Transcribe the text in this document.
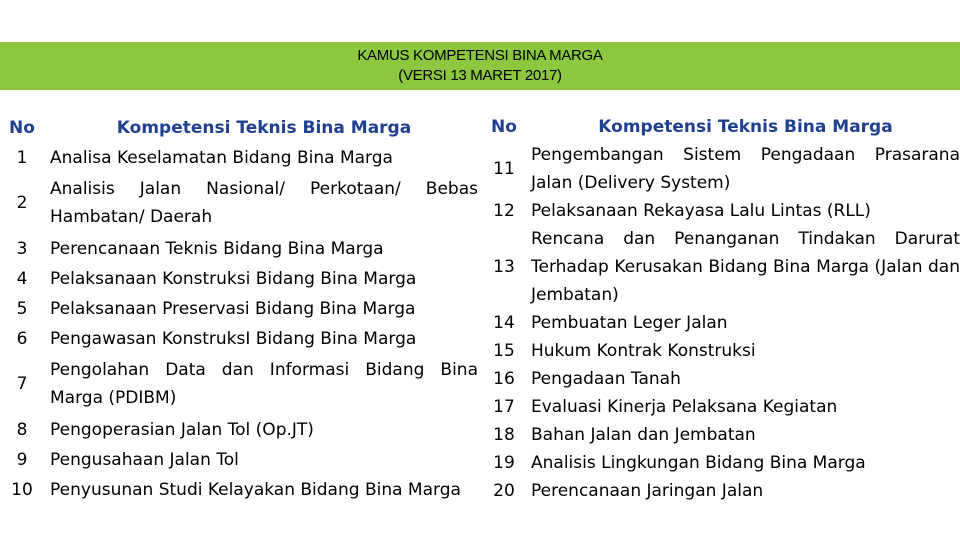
KAMUS KOMPETENSI BINA MARGA
(VERSI 13 MARET 2017)
No	Kompetensi Teknis Bina Marga
1	Analisa Keselamatan Bidang Bina Marga
2	Analisis Jalan Nasional/ Perkotaan/ Bebas Hambatan/ Daerah
3	Perencanaan Teknis Bidang Bina Marga
4	Pelaksanaan Konstruksi Bidang Bina Marga
5	Pelaksanaan Preservasi Bidang Bina Marga
6	Pengawasan KonstruksI Bidang Bina Marga
7	Pengolahan Data dan Informasi Bidang Bina Marga (PDIBM)
8	Pengoperasian Jalan Tol (Op.JT)
9	Pengusahaan Jalan Tol
10	Penyusunan Studi Kelayakan Bidang Bina Marga
No	Kompetensi Teknis Bina Marga
11	Pengembangan Sistem Pengadaan Prasarana Jalan (Delivery System)
12	Pelaksanaan Rekayasa Lalu Lintas (RLL)
13	Rencana dan Penanganan Tindakan Darurat Terhadap Kerusakan Bidang Bina Marga (Jalan dan Jembatan)
14	Pembuatan Leger Jalan
15	Hukum Kontrak Konstruksi
16	Pengadaan Tanah
17	Evaluasi Kinerja Pelaksana Kegiatan
18	Bahan Jalan dan Jembatan
19	Analisis Lingkungan Bidang Bina Marga
20	Perencanaan Jaringan Jalan
